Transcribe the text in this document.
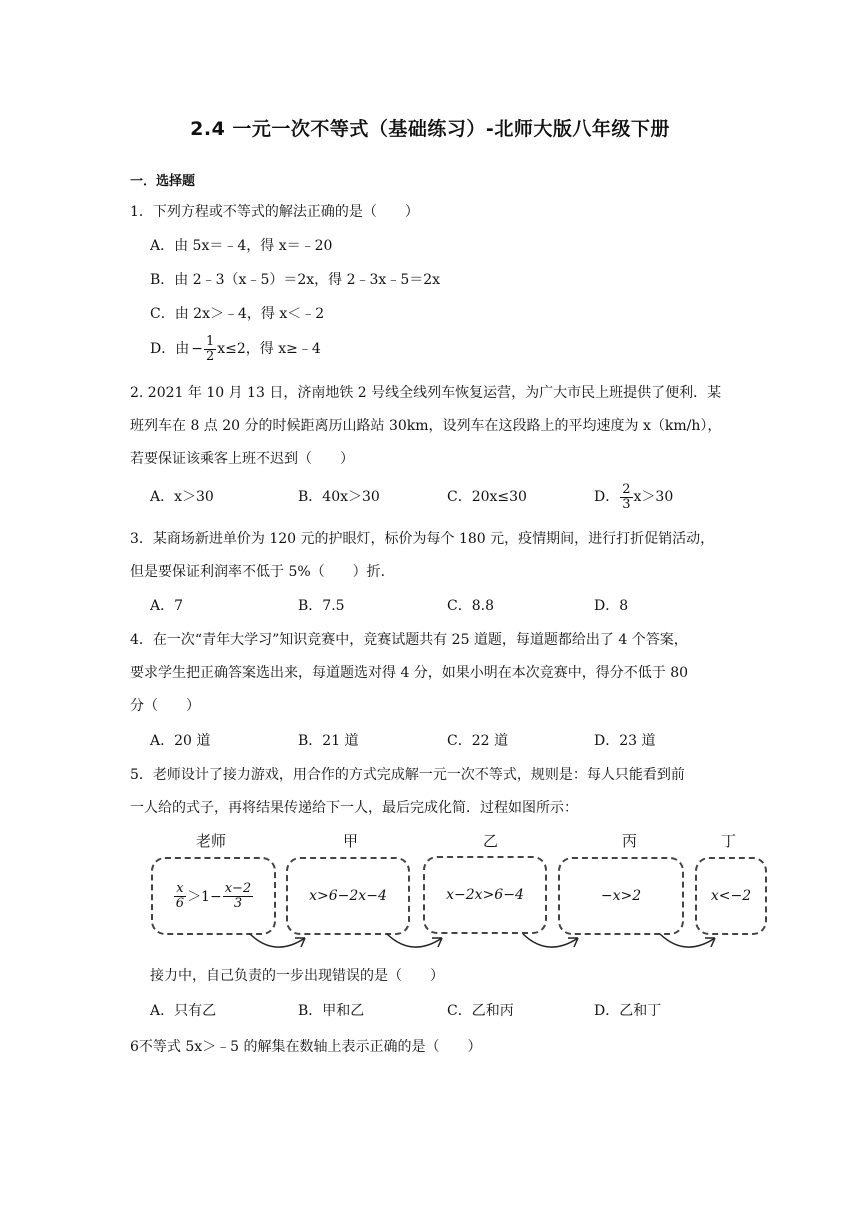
2.4 一元一次不等式（基础练习）-北师大版八年级下册
一．选择题
1．下列方程或不等式的解法正确的是（　　）
A．由 5x＝﹣4，得 x＝﹣20
B．由 2﹣3（x﹣5）＝2x，得 2﹣3x﹣5＝2x
C．由 2x＞﹣4，得 x＜﹣2
D．由 − $\frac{1}{2} x\le 2$ ，得 x≥﹣4
2. 2021 年 10 月 13 日，济南地铁 2 号线全线列车恢复运营，为广大市民上班提供了便利．某
班列车在 8 点 20 分的时候距离历山路站 30km，设列车在这段路上的平均速度为 x（km/h），
若要保证该乘客上班不迟到（　　）
A．x＞30	B．40x＞30	C．20x≤30	D． $\frac{2}{3} x>30$
3．某商场新进单价为 120 元的护眼灯，标价为每个 180 元，疫情期间，进行打折促销活动，
但是要保证利润率不低于 5%（　　）折．
A．7	B．7.5	C．8.8	D．8
4．在一次“青年大学习”知识竞赛中，竞赛试题共有 25 道题，每道题都给出了 4 个答案，
要求学生把正确答案选出来，每道题选对得 4 分，如果小明在本次竞赛中，得分不低于 80
分（　　）
A．20 道	B．21 道	C．22 道	D．23 道
5．老师设计了接力游戏，用合作的方式完成解一元一次不等式，规则是：每人只能看到前
一人给的式子，再将结果传递给下一人，最后完成化简．过程如图所示：
老师	甲	乙	丙	丁
$\frac{x}{6} >1- \frac{x-2}{3}$	x>6−2x−4	x−2x>6−4	−x>2	x<−2
接力中，自己负责的一步出现错误的是（　　）
A．只有乙	B．甲和乙	C．乙和丙	D．乙和丁
6不等式 5x＞﹣5 的解集在数轴上表示正确的是（　　）
